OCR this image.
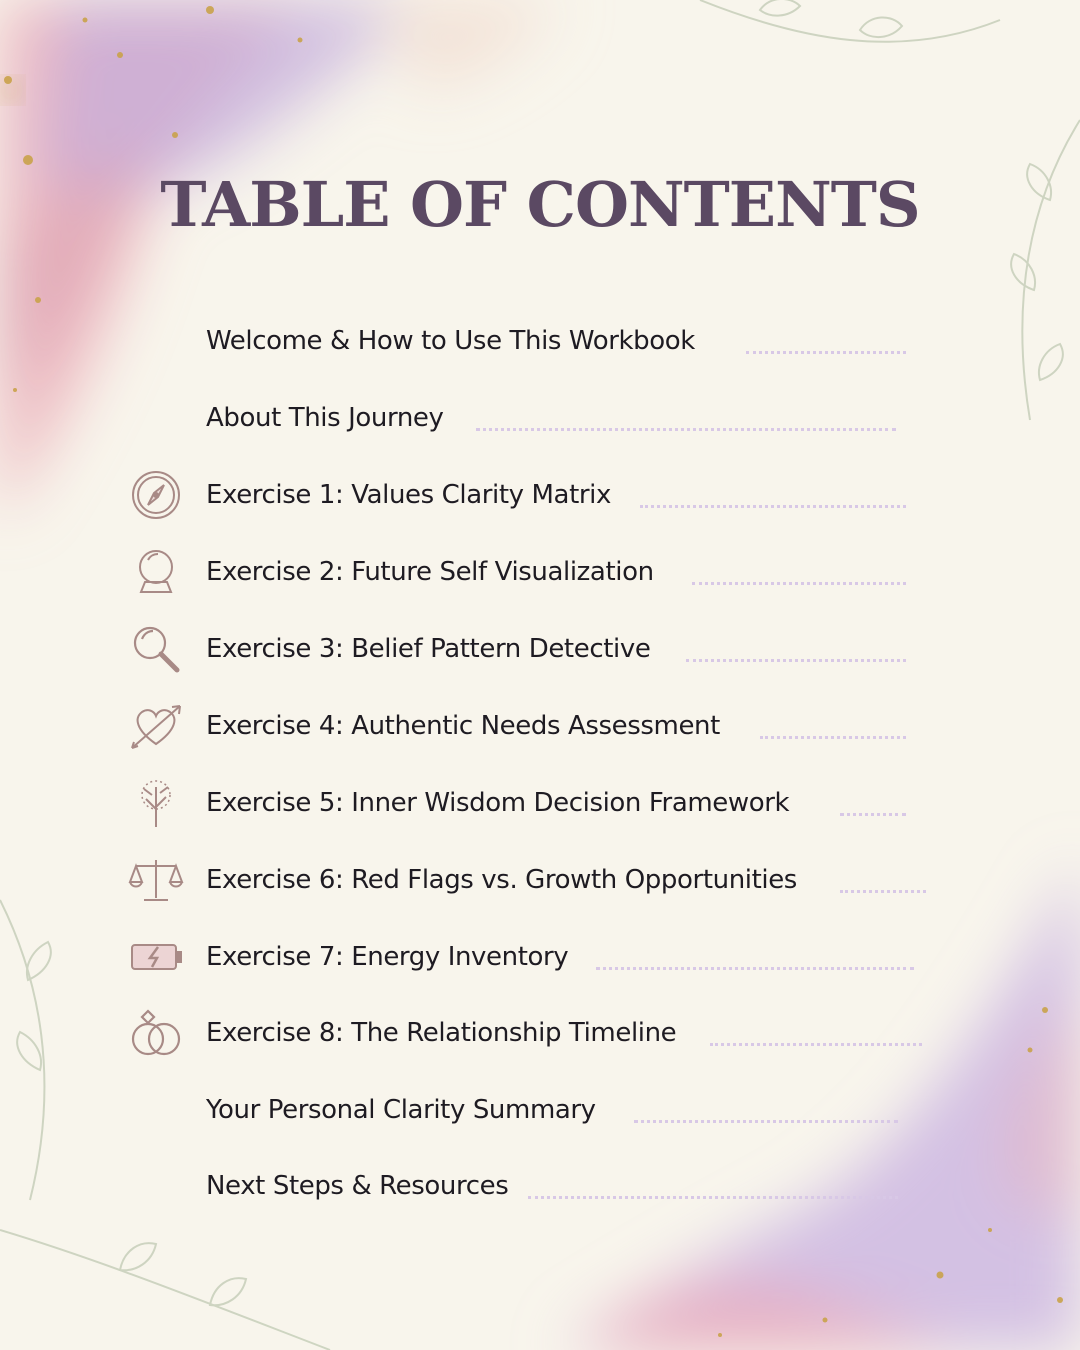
TABLE OF CONTENTS
Welcome & How to Use This Workbook
About This Journey
Exercise 1: Values Clarity Matrix
Exercise 2: Future Self Visualization
Exercise 3: Belief Pattern Detective
Exercise 4: Authentic Needs Assessment
Exercise 5: Inner Wisdom Decision Framework
Exercise 6: Red Flags vs. Growth Opportunities
Exercise 7: Energy Inventory
Exercise 8: The Relationship Timeline
Your Personal Clarity Summary
Next Steps & Resources
